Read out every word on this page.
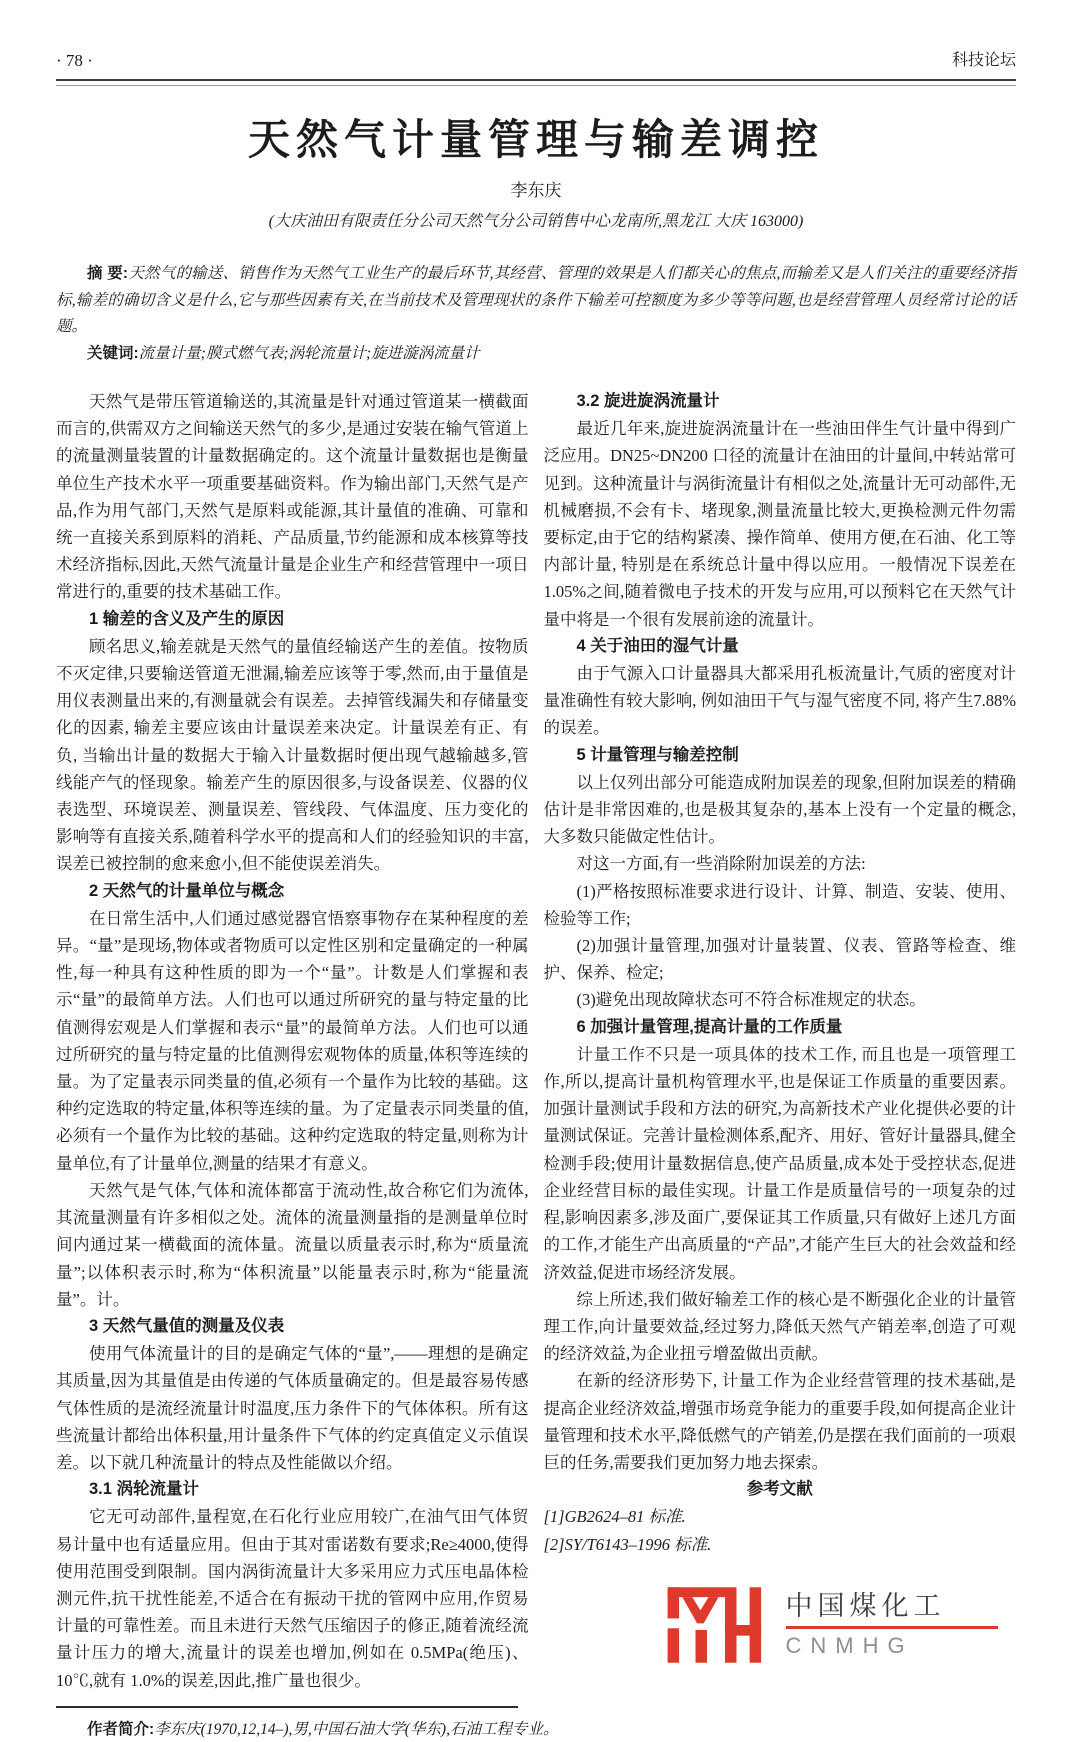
· 78 ·	科技论坛
天然气计量管理与输差调控
李东庆
(大庆油田有限责任分公司天然气分公司销售中心龙南所,黑龙江 大庆 163000)

摘 要:天然气的输送、销售作为天然气工业生产的最后环节,其经营、管理的效果是人们都关心的焦点,而输差又是人们关注的重要经济指标,输差的确切含义是什么,它与那些因素有关,在当前技术及管理现状的条件下输差可控额度为多少等等问题,也是经营管理人员经常讨论的话题。

关键词:流量计量;膜式燃气表;涡轮流量计;旋进漩涡流量计

天然气是带压管道输送的,其流量是针对通过管道某一横截面而言的,供需双方之间输送天然气的多少,是通过安装在输气管道上的流量测量装置的计量数据确定的。这个流量计量数据也是衡量单位生产技术水平一项重要基础资料。作为输出部门,天然气是产品,作为用气部门,天然气是原料或能源,其计量值的准确、可靠和统一直接关系到原料的消耗、产品质量,节约能源和成本核算等技术经济指标,因此,天然气流量计量是企业生产和经营管理中一项日常进行的,重要的技术基础工作。

1 输差的含义及产生的原因

顾名思义,输差就是天然气的量值经输送产生的差值。按物质不灭定律,只要输送管道无泄漏,输差应该等于零,然而,由于量值是用仪表测量出来的,有测量就会有误差。去掉管线漏失和存储量变化的因素, 输差主要应该由计量误差来决定。计量误差有正、有负, 当输出计量的数据大于输入计量数据时便出现气越输越多,管线能产气的怪现象。输差产生的原因很多,与设备误差、仪器的仪表选型、环境误差、测量误差、管线段、气体温度、压力变化的影响等有直接关系,随着科学水平的提高和人们的经验知识的丰富,误差已被控制的愈来愈小,但不能使误差消失。

2 天然气的计量单位与概念

在日常生活中,人们通过感觉器官悟察事物存在某种程度的差异。“量”是现场,物体或者物质可以定性区别和定量确定的一种属性,每一种具有这种性质的即为一个“量”。计数是人们掌握和表示“量”的最简单方法。人们也可以通过所研究的量与特定量的比值测得宏观是人们掌握和表示“量”的最简单方法。人们也可以通过所研究的量与特定量的比值测得宏观物体的质量,体积等连续的量。为了定量表示同类量的值,必须有一个量作为比较的基础。这种约定选取的特定量,体积等连续的量。为了定量表示同类量的值,必须有一个量作为比较的基础。这种约定选取的特定量,则称为计量单位,有了计量单位,测量的结果才有意义。

天然气是气体,气体和流体都富于流动性,故合称它们为流体,其流量测量有许多相似之处。流体的流量测量指的是测量单位时间内通过某一横截面的流体量。流量以质量表示时,称为“质量流量”;以体积表示时,称为“体积流量”以能量表示时,称为“能量流量”。计。

3 天然气量值的测量及仪表

使用气体流量计的目的是确定气体的“量”,——理想的是确定其质量,因为其量值是由传递的气体质量确定的。但是最容易传感气体性质的是流经流量计时温度,压力条件下的气体体积。所有这些流量计都给出体积量,用计量条件下气体的约定真值定义示值误差。以下就几种流量计的特点及性能做以介绍。

3.1 涡轮流量计

它无可动部件,量程宽,在石化行业应用较广,在油气田气体贸易计量中也有适量应用。但由于其对雷诺数有要求;Re≥4000,使得使用范围受到限制。国内涡街流量计大多采用应力式压电晶体检测元件,抗干扰性能差,不适合在有振动干扰的管网中应用,作贸易计量的可靠性差。而且未进行天然气压缩因子的修正,随着流经流量计压力的增大,流量计的误差也增加,例如在 0.5MPa(绝压)、10℃,就有 1.0%的误差,因此,推广量也很少。

3.2 旋进旋涡流量计

最近几年来,旋进旋涡流量计在一些油田伴生气计量中得到广泛应用。DN25~DN200 口径的流量计在油田的计量间,中转站常可见到。这种流量计与涡街流量计有相似之处,流量计无可动部件,无机械磨损,不会有卡、堵现象,测量流量比较大,更换检测元件勿需要标定,由于它的结构紧凑、操作简单、使用方便,在石油、化工等内部计量, 特别是在系统总计量中得以应用。一般情况下误差在1.05%之间,随着微电子技术的开发与应用,可以预料它在天然气计量中将是一个很有发展前途的流量计。

4 关于油田的湿气计量

由于气源入口计量器具大都采用孔板流量计,气质的密度对计量准确性有较大影响, 例如油田干气与湿气密度不同, 将产生7.88%的误差。

5 计量管理与输差控制

以上仅列出部分可能造成附加误差的现象,但附加误差的精确估计是非常因难的,也是极其复杂的,基本上没有一个定量的概念,大多数只能做定性估计。

对这一方面,有一些消除附加误差的方法:

(1)严格按照标准要求进行设计、计算、制造、安装、使用、检验等工作;

(2)加强计量管理,加强对计量装置、仪表、管路等检查、维护、保养、检定;

(3)避免出现故障状态可不符合标准规定的状态。

6 加强计量管理,提高计量的工作质量

计量工作不只是一项具体的技术工作, 而且也是一项管理工作,所以,提高计量机构管理水平,也是保证工作质量的重要因素。加强计量测试手段和方法的研究,为高新技术产业化提供必要的计量测试保证。完善计量检测体系,配齐、用好、管好计量器具,健全检测手段;使用计量数据信息,使产品质量,成本处于受控状态,促进企业经营目标的最佳实现。计量工作是质量信号的一项复杂的过程,影响因素多,涉及面广,要保证其工作质量,只有做好上述几方面的工作,才能生产出高质量的“产品”,才能产生巨大的社会效益和经济效益,促进市场经济发展。

综上所述,我们做好输差工作的核心是不断强化企业的计量管理工作,向计量要效益,经过努力,降低天然气产销差率,创造了可观的经济效益,为企业扭亏增盈做出贡献。

在新的经济形势下, 计量工作为企业经营管理的技术基础,是提高企业经济效益,增强市场竞争能力的重要手段,如何提高企业计量管理和技术水平,降低燃气的产销差,仍是摆在我们面前的一项艰巨的任务,需要我们更加努力地去探索。

参考文献

[1]GB2624–81 标准.

[2]SY/T6143–1996 标准.

中国煤化工
CNMHG

作者简介:李东庆(1970,12,14–),男,中国石油大学(华东),石油工程专业。
